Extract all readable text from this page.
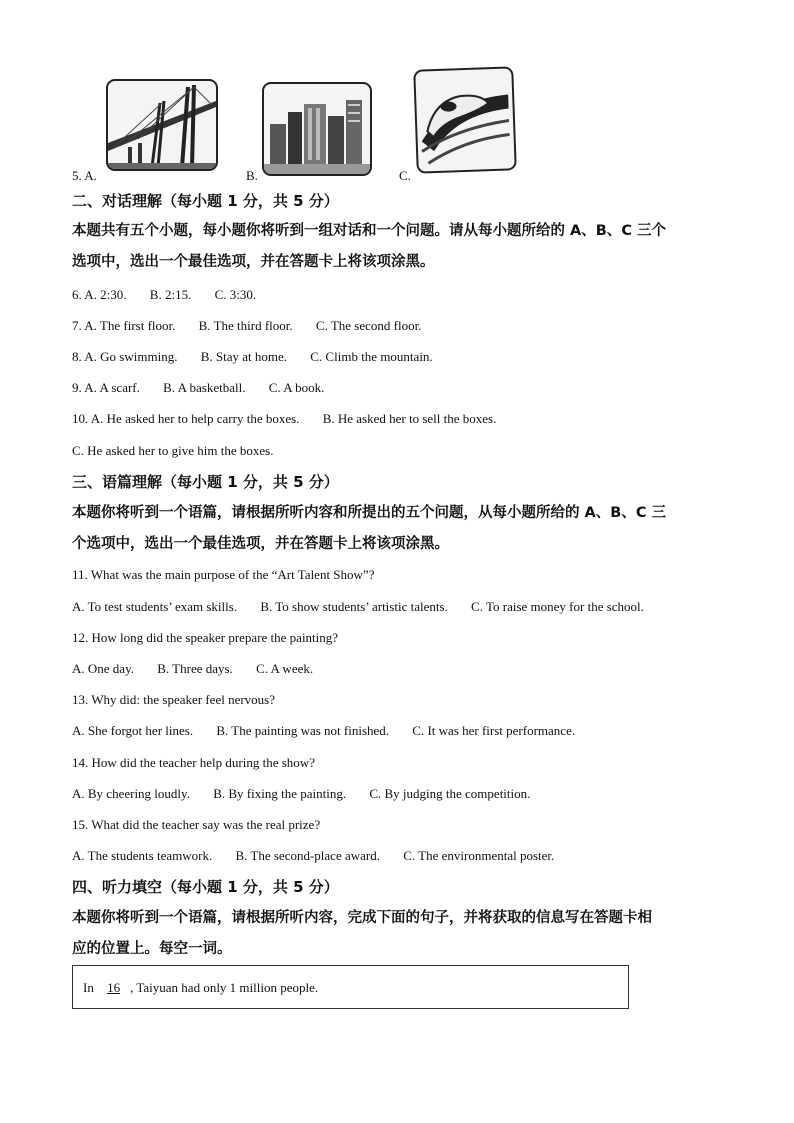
5. A.	B.	C.
二、对话理解（每小题 1 分，共 5 分）
本题共有五个小题，每小题你将听到一组对话和一个问题。请从每小题所给的 A、B、C 三个
选项中，选出一个最佳选项，并在答题卡上将该项涂黑。
6. A. 2:30. B. 2:15. C. 3:30.
7. A. The first floor. B. The third floor. C. The second floor.
8. A. Go swimming. B. Stay at home. C. Climb the mountain.
9. A. A scarf. B. A basketball. C. A book.
10. A. He asked her to help carry the boxes. B. He asked her to sell the boxes.
C. He asked her to give him the boxes.
三、语篇理解（每小题 1 分，共 5 分）
本题你将听到一个语篇，请根据所听内容和所提出的五个问题，从每小题所给的 A、B、C 三
个选项中，选出一个最佳选项，并在答题卡上将该项涂黑。
11. What was the main purpose of the “Art Talent Show”?
A. To test students’ exam skills. B. To show students’ artistic talents. C. To raise money for the school.
12. How long did the speaker prepare the painting?
A. One day. B. Three days. C. A week.
13. Why did: the speaker feel nervous?
A. She forgot her lines. B. The painting was not finished. C. It was her first performance.
14. How did the teacher help during the show?
A. By cheering loudly. B. By fixing the painting. C. By judging the competition.
15. What did the teacher say was the real prize?
A. The students teamwork. B. The second-place award. C. The environmental poster.
四、听力填空（每小题 1 分，共 5 分）
本题你将听到一个语篇，请根据所听内容，完成下面的句子，并将获取的信息写在答题卡相
应的位置上。每空一词。
In 16 , Taiyuan had only 1 million people.
